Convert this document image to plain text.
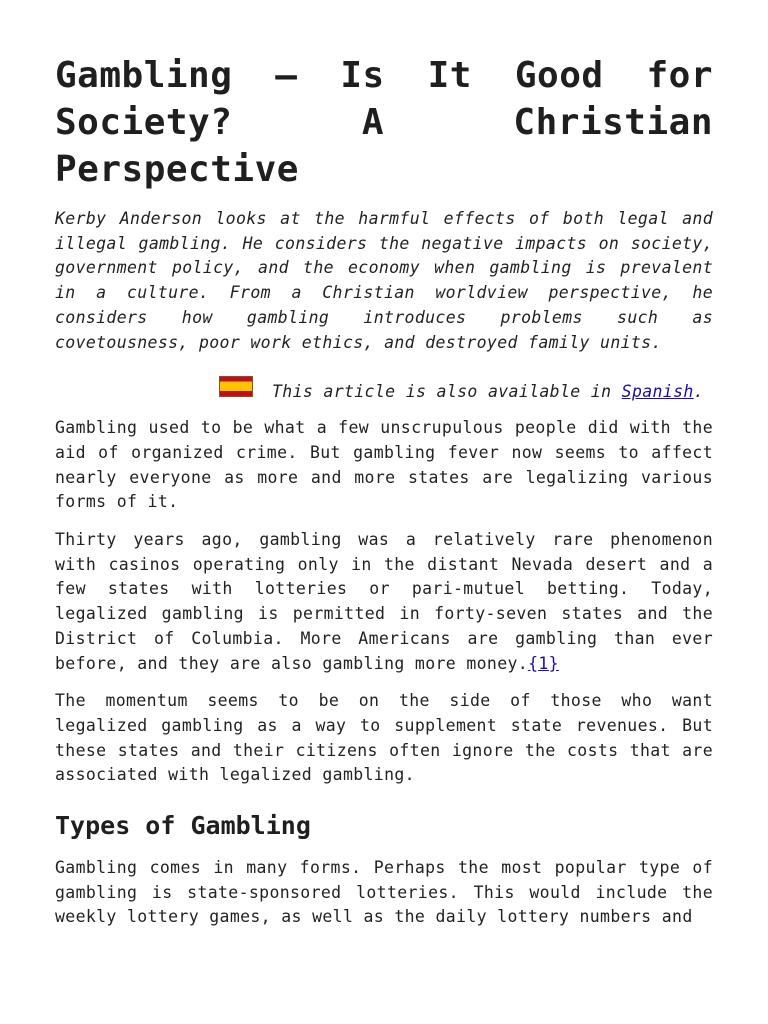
Gambling – Is It Good for Society? A Christian Perspective

Kerby Anderson looks at the harmful effects of both legal and illegal gambling. He considers the negative impacts on society, government policy, and the economy when gambling is prevalent in a culture. From a Christian worldview perspective, he considers how gambling introduces problems such as covetousness, poor work ethics, and destroyed family units.

This article is also available in Spanish.

Gambling used to be what a few unscrupulous people did with the aid of organized crime. But gambling fever now seems to affect nearly everyone as more and more states are legalizing various forms of it.

Thirty years ago, gambling was a relatively rare phenomenon with casinos operating only in the distant Nevada desert and a few states with lotteries or pari-mutuel betting. Today, legalized gambling is permitted in forty-seven states and the District of Columbia. More Americans are gambling than ever before, and they are also gambling more money.{1}

The momentum seems to be on the side of those who want legalized gambling as a way to supplement state revenues. But these states and their citizens often ignore the costs that are associated with legalized gambling.

Types of Gambling

Gambling comes in many forms. Perhaps the most popular type of gambling is state-sponsored lotteries. This would include the weekly lottery games, as well as the daily lottery numbers and
